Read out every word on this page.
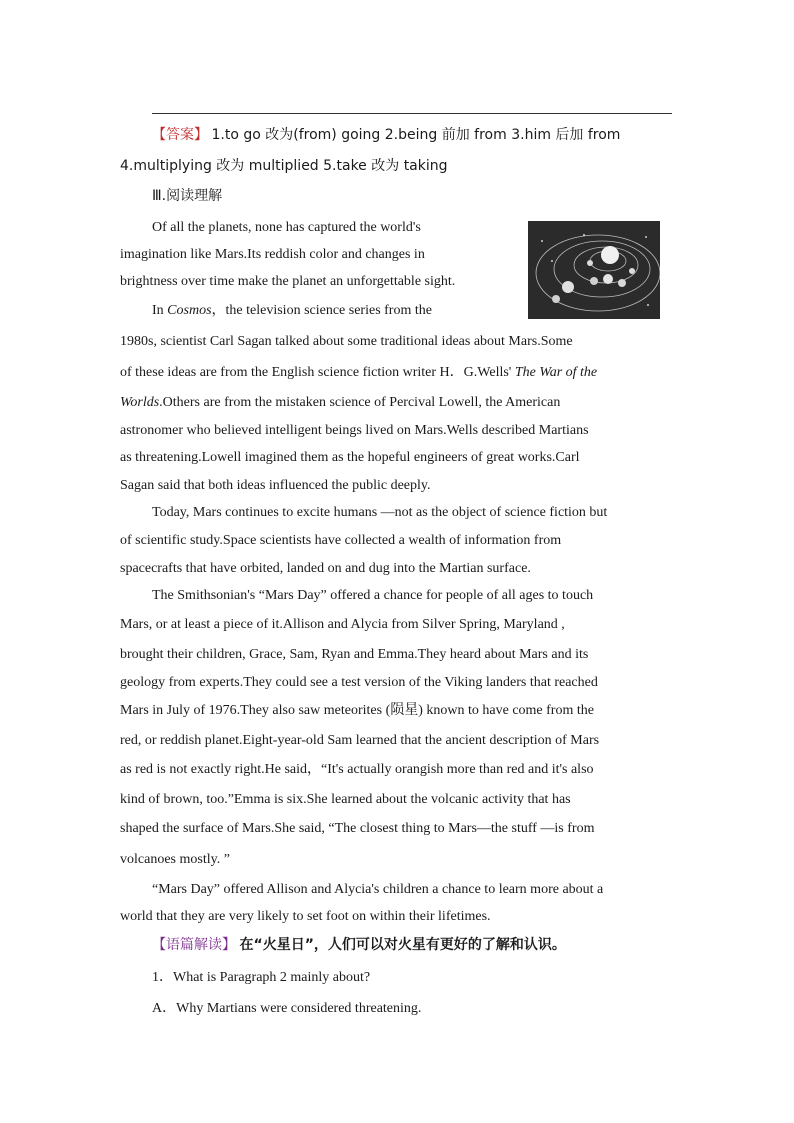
【答案】 1.to go 改为(from) going 2.being 前加 from 3.him 后加 from
4.multiplying 改为 multiplied 5.take 改为 taking
Ⅲ.阅读理解
Of all the planets, none has captured the world's
imagination like Mars.Its reddish color and changes in
brightness over time make the planet an unforgettable sight.
In Cosmos，the television science series from the
1980s, scientist Carl Sagan talked about some traditional ideas about Mars.Some
of these ideas are from the English science fiction writer H．G.Wells' The War of the
Worlds.Others are from the mistaken science of Percival Lowell, the American
astronomer who believed intelligent beings lived on Mars.Wells described Martians
as threatening.Lowell imagined them as the hopeful engineers of great works.Carl
Sagan said that both ideas influenced the public deeply.
Today, Mars continues to excite humans —not as the object of science fiction but
of scientific study.Space scientists have collected a wealth of information from
spacecrafts that have orbited, landed on and dug into the Martian surface.
The Smithsonian's “Mars Day” offered a chance for people of all ages to touch
Mars, or at least a piece of it.Allison and Alycia from Silver Spring, Maryland ,
brought their children, Grace, Sam, Ryan and Emma.They heard about Mars and its
geology from experts.They could see a test version of the Viking landers that reached
Mars in July of 1976.They also saw meteorites (陨星) known to have come from the
red, or reddish planet.Eight-year-old Sam learned that the ancient description of Mars
as red is not exactly right.He said，“It's actually orangish more than red and it's also
kind of brown, too.”Emma is six.She learned about the volcanic activity that has
shaped the surface of Mars.She said, “The closest thing to Mars—the stuff —is from
volcanoes mostly. ”
“Mars Day” offered Allison and Alycia's children a chance to learn more about a
world that they are very likely to set foot on within their lifetimes.
【语篇解读】 在“火星日”，人们可以对火星有更好的了解和认识。
1．What is Paragraph 2 mainly about?
A．Why Martians were considered threatening.
